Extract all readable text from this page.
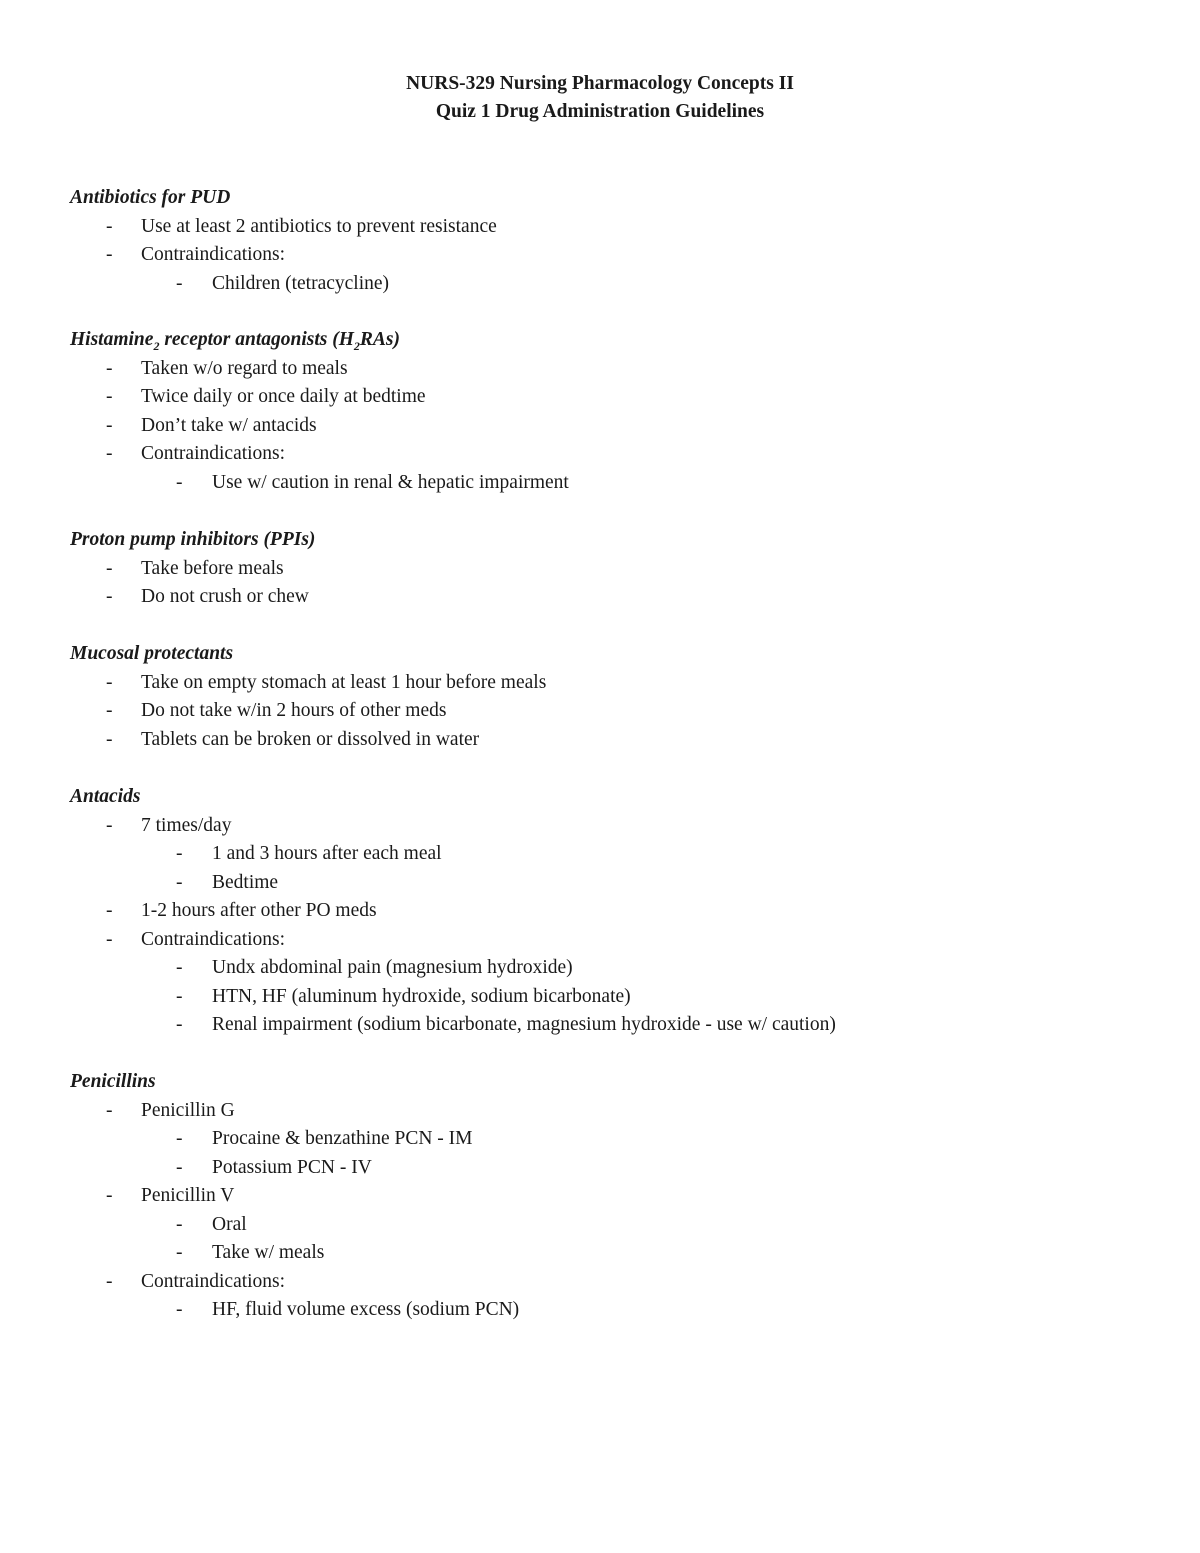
NURS-329 Nursing Pharmacology Concepts II
Quiz 1 Drug Administration Guidelines
Antibiotics for PUD
- Use at least 2 antibiotics to prevent resistance
- Contraindications:
- Children (tetracycline)
Histamine$_2$ receptor antagonists $(H_2RAs)$
- Taken w/o regard to meals
- Twice daily or once daily at bedtime
- Don’t take w/ antacids
- Contraindications:
- Use w/ caution in renal & hepatic impairment
Proton pump inhibitors (PPIs)
- Take before meals
- Do not crush or chew
Mucosal protectants
- Take on empty stomach at least 1 hour before meals
- Do not take w/in 2 hours of other meds
- Tablets can be broken or dissolved in water
Antacids
- 7 times/day
- 1 and 3 hours after each meal
- Bedtime
- 1-2 hours after other PO meds
- Contraindications:
- Undx abdominal pain (magnesium hydroxide)
- HTN, HF (aluminum hydroxide, sodium bicarbonate)
- Renal impairment (sodium bicarbonate, magnesium hydroxide - use w/ caution)
Penicillins
- Penicillin G
- Procaine & benzathine PCN - IM
- Potassium PCN - IV
- Penicillin V
- Oral
- Take w/ meals
- Contraindications:
- HF, fluid volume excess (sodium PCN)
